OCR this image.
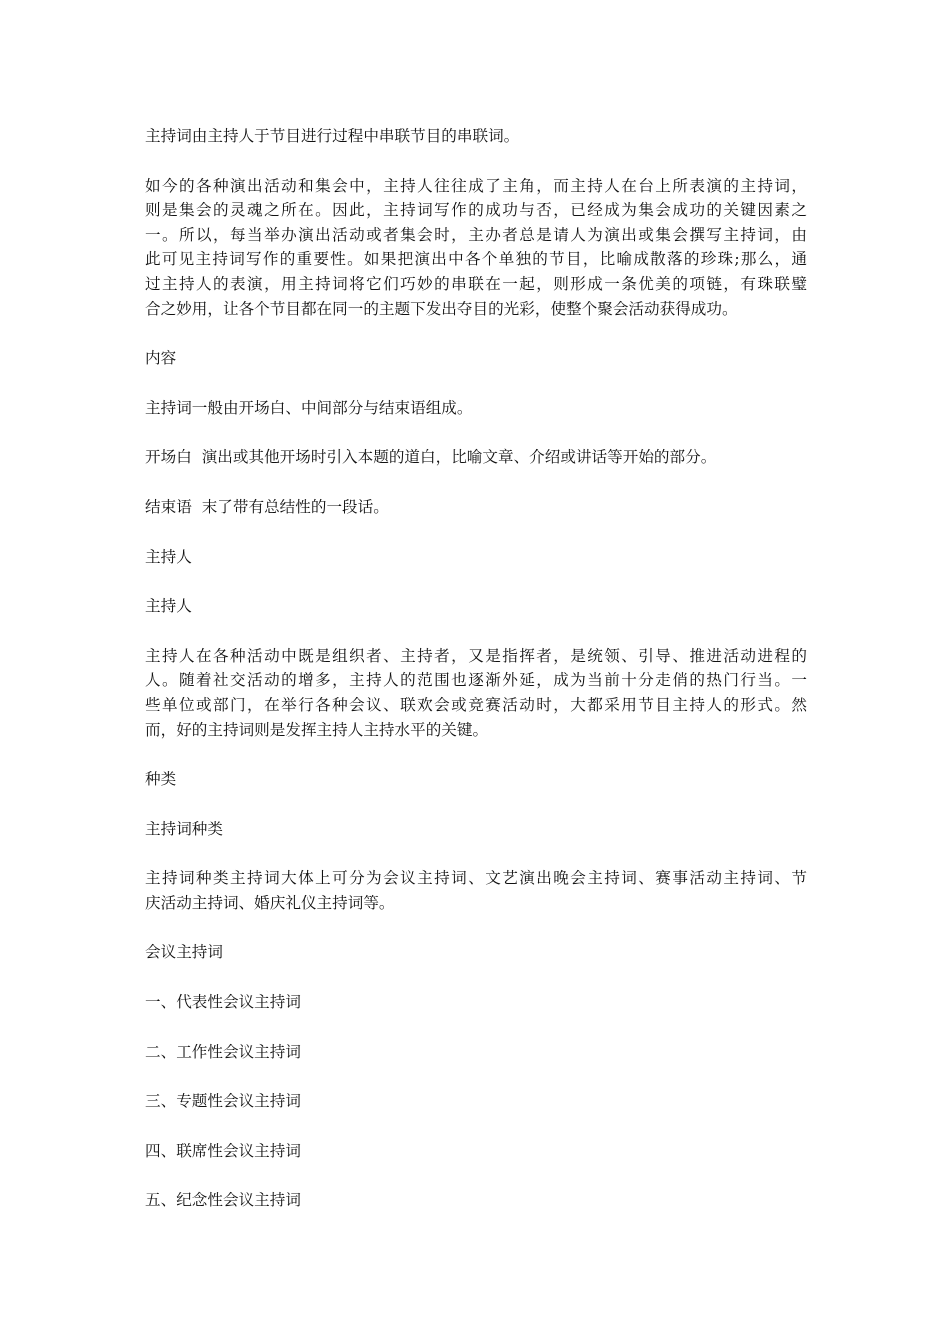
主持词由主持人于节目进行过程中串联节目的串联词。

如今的各种演出活动和集会中，主持人往往成了主角，而主持人在台上所表演的主持词，
则是集会的灵魂之所在。因此，主持词写作的成功与否，已经成为集会成功的关键因素之
一。所以，每当举办演出活动或者集会时，主办者总是请人为演出或集会撰写主持词，由
此可见主持词写作的重要性。如果把演出中各个单独的节目，比喻成散落的珍珠;那么，通
过主持人的表演，用主持词将它们巧妙的串联在一起，则形成一条优美的项链，有珠联璧
合之妙用，让各个节目都在同一的主题下发出夺目的光彩，使整个聚会活动获得成功。

内容

主持词一般由开场白、中间部分与结束语组成。

开场白  演出或其他开场时引入本题的道白，比喻文章、介绍或讲话等开始的部分。

结束语  末了带有总结性的一段话。

主持人

主持人

主持人在各种活动中既是组织者、主持者，又是指挥者，是统领、引导、推进活动进程的
人。随着社交活动的增多，主持人的范围也逐渐外延，成为当前十分走俏的热门行当。一
些单位或部门，在举行各种会议、联欢会或竞赛活动时，大都采用节目主持人的形式。然
而，好的主持词则是发挥主持人主持水平的关键。

种类

主持词种类

主持词种类主持词大体上可分为会议主持词、文艺演出晚会主持词、赛事活动主持词、节
庆活动主持词、婚庆礼仪主持词等。

会议主持词

一、代表性会议主持词

二、工作性会议主持词

三、专题性会议主持词

四、联席性会议主持词

五、纪念性会议主持词
